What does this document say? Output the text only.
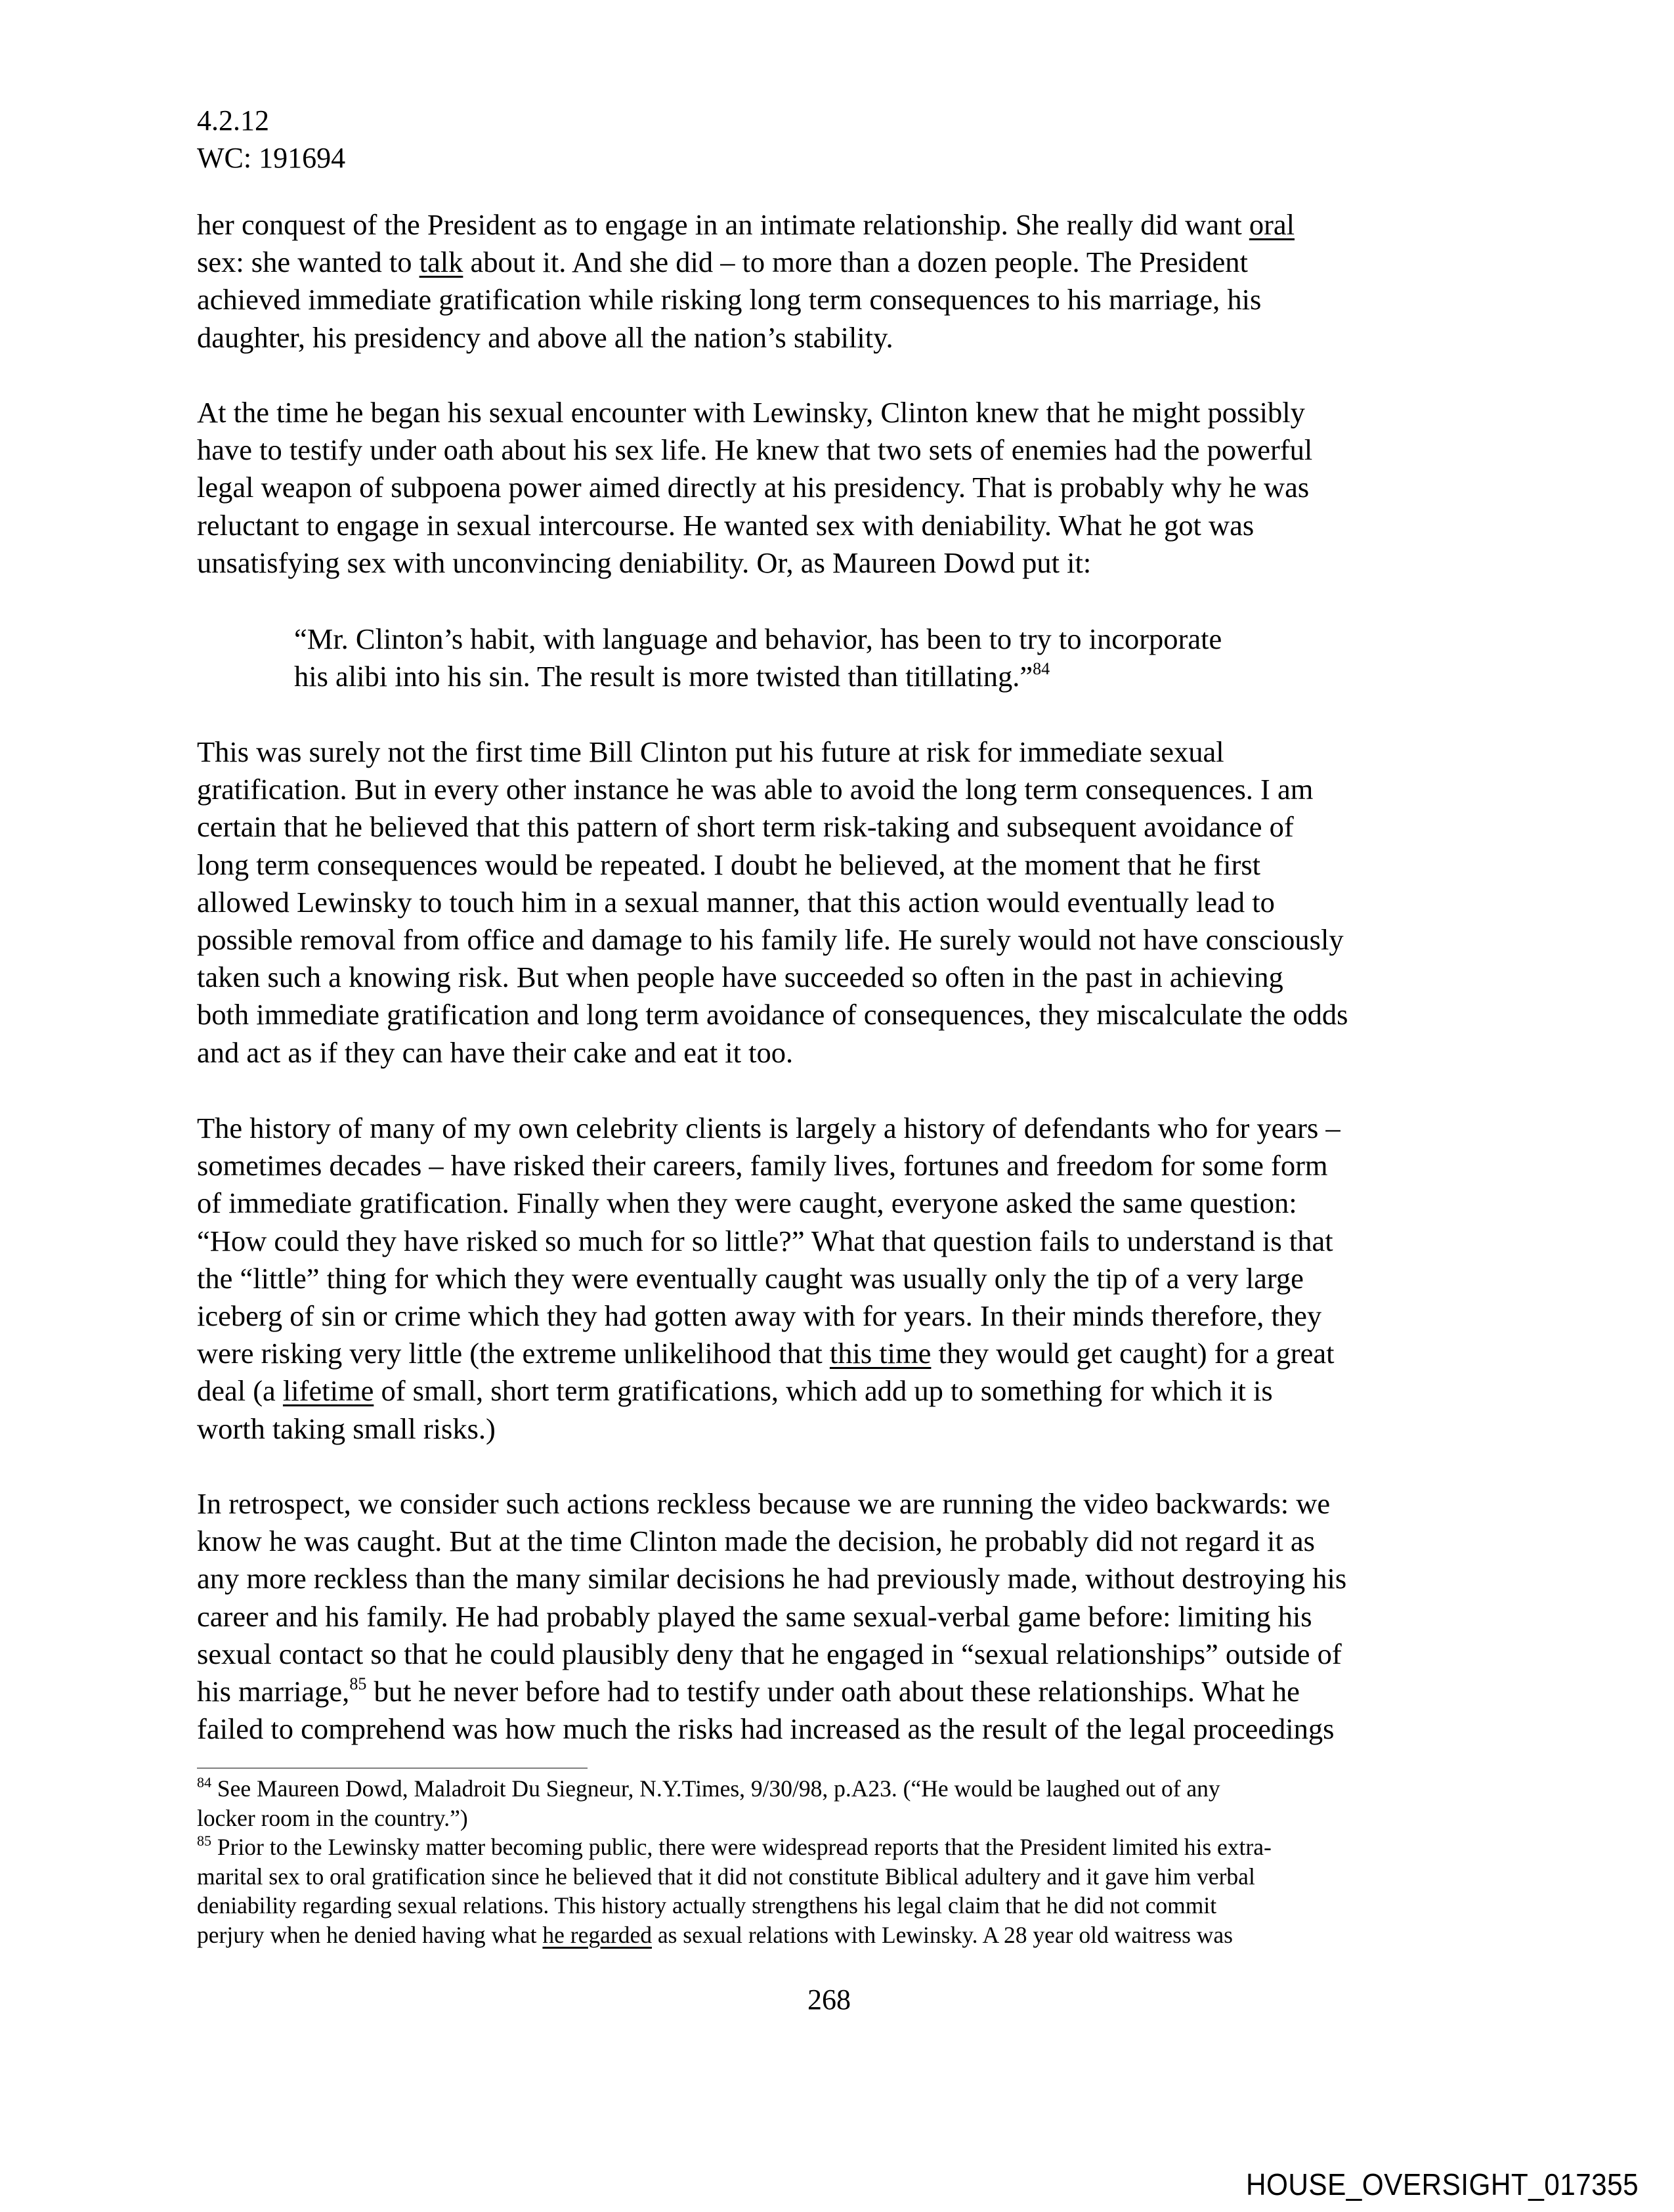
4.2.12
WC: 191694
her conquest of the President as to engage in an intimate relationship. She really did want oral
sex: she wanted to talk about it. And she did – to more than a dozen people. The President
achieved immediate gratification while risking long term consequences to his marriage, his
daughter, his presidency and above all the nation’s stability.
At the time he began his sexual encounter with Lewinsky, Clinton knew that he might possibly
have to testify under oath about his sex life. He knew that two sets of enemies had the powerful
legal weapon of subpoena power aimed directly at his presidency. That is probably why he was
reluctant to engage in sexual intercourse. He wanted sex with deniability. What he got was
unsatisfying sex with unconvincing deniability. Or, as Maureen Dowd put it:
“Mr. Clinton’s habit, with language and behavior, has been to try to incorporate
his alibi into his sin. The result is more twisted than titillating.”$^{84}$
This was surely not the first time Bill Clinton put his future at risk for immediate sexual
gratification. But in every other instance he was able to avoid the long term consequences. I am
certain that he believed that this pattern of short term risk-taking and subsequent avoidance of
long term consequences would be repeated. I doubt he believed, at the moment that he first
allowed Lewinsky to touch him in a sexual manner, that this action would eventually lead to
possible removal from office and damage to his family life. He surely would not have consciously
taken such a knowing risk. But when people have succeeded so often in the past in achieving
both immediate gratification and long term avoidance of consequences, they miscalculate the odds
and act as if they can have their cake and eat it too.
The history of many of my own celebrity clients is largely a history of defendants who for years –
sometimes decades – have risked their careers, family lives, fortunes and freedom for some form
of immediate gratification. Finally when they were caught, everyone asked the same question:
“How could they have risked so much for so little?” What that question fails to understand is that
the “little” thing for which they were eventually caught was usually only the tip of a very large
iceberg of sin or crime which they had gotten away with for years. In their minds therefore, they
were risking very little (the extreme unlikelihood that this time they would get caught) for a great
deal (a lifetime of small, short term gratifications, which add up to something for which it is
worth taking small risks.)
In retrospect, we consider such actions reckless because we are running the video backwards: we
know he was caught. But at the time Clinton made the decision, he probably did not regard it as
any more reckless than the many similar decisions he had previously made, without destroying his
career and his family. He had probably played the same sexual-verbal game before: limiting his
sexual contact so that he could plausibly deny that he engaged in “sexual relationships” outside of
his marriage,$^{85}$ but he never before had to testify under oath about these relationships. What he
failed to comprehend was how much the risks had increased as the result of the legal proceedings
$^{84}$ See Maureen Dowd, Maladroit Du Siegneur, N.Y.Times, 9/30/98, p.A23. (“He would be laughed out of any
locker room in the country.”)
$^{85}$ Prior to the Lewinsky matter becoming public, there were widespread reports that the President limited his extra-
marital sex to oral gratification since he believed that it did not constitute Biblical adultery and it gave him verbal
deniability regarding sexual relations. This history actually strengthens his legal claim that he did not commit
perjury when he denied having what he regarded as sexual relations with Lewinsky. A 28 year old waitress was
268
HOUSE_OVERSIGHT_017355
